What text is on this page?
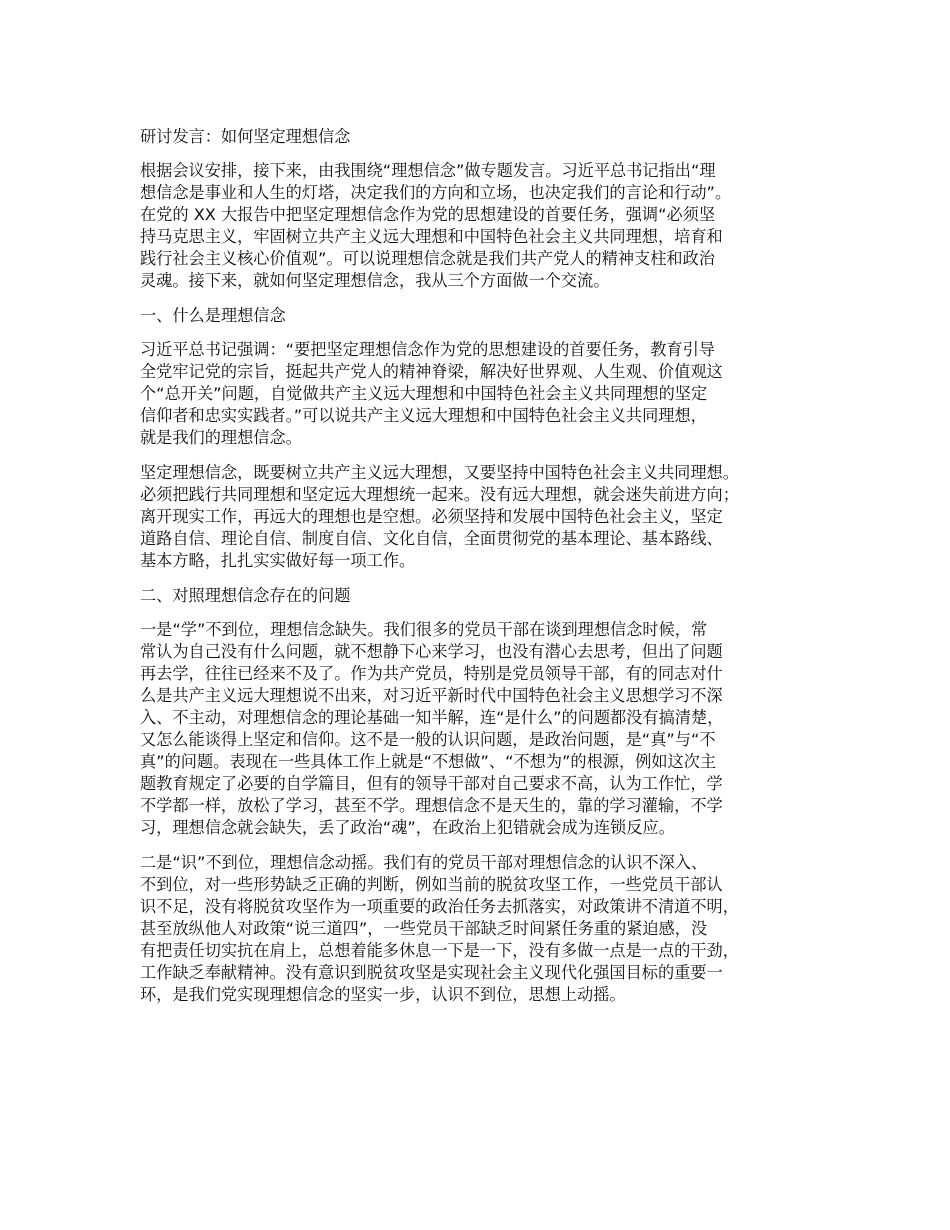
研讨发言：如何坚定理想信念
根据会议安排，接下来，由我围绕“理想信念”做专题发言。习近平总书记指出“理
想信念是事业和人生的灯塔，决定我们的方向和立场，也决定我们的言论和行动”。
在党的 XX 大报告中把坚定理想信念作为党的思想建设的首要任务，强调“必须坚
持马克思主义，牢固树立共产主义远大理想和中国特色社会主义共同理想，培育和
践行社会主义核心价值观”。可以说理想信念就是我们共产党人的精神支柱和政治
灵魂。接下来，就如何坚定理想信念，我从三个方面做一个交流。
一、什么是理想信念
习近平总书记强调：“要把坚定理想信念作为党的思想建设的首要任务，教育引导
全党牢记党的宗旨，挺起共产党人的精神脊梁，解决好世界观、人生观、价值观这
个“总开关”问题，自觉做共产主义远大理想和中国特色社会主义共同理想的坚定
信仰者和忠实实践者。”可以说共产主义远大理想和中国特色社会主义共同理想，
就是我们的理想信念。
坚定理想信念，既要树立共产主义远大理想，又要坚持中国特色社会主义共同理想。
必须把践行共同理想和坚定远大理想统一起来。没有远大理想，就会迷失前进方向；
离开现实工作，再远大的理想也是空想。必须坚持和发展中国特色社会主义，坚定
道路自信、理论自信、制度自信、文化自信，全面贯彻党的基本理论、基本路线、
基本方略，扎扎实实做好每一项工作。
二、对照理想信念存在的问题
一是“学”不到位，理想信念缺失。我们很多的党员干部在谈到理想信念时候，常
常认为自己没有什么问题，就不想静下心来学习，也没有潜心去思考，但出了问题
再去学，往往已经来不及了。作为共产党员，特别是党员领导干部，有的同志对什
么是共产主义远大理想说不出来，对习近平新时代中国特色社会主义思想学习不深
入、不主动，对理想信念的理论基础一知半解，连“是什么”的问题都没有搞清楚，
又怎么能谈得上坚定和信仰。这不是一般的认识问题，是政治问题，是“真”与“不
真”的问题。表现在一些具体工作上就是“不想做”、“不想为”的根源，例如这次主
题教育规定了必要的自学篇目，但有的领导干部对自己要求不高，认为工作忙，学
不学都一样，放松了学习，甚至不学。理想信念不是天生的，靠的学习灌输，不学
习，理想信念就会缺失，丢了政治“魂”，在政治上犯错就会成为连锁反应。
二是“识”不到位，理想信念动摇。我们有的党员干部对理想信念的认识不深入、
不到位，对一些形势缺乏正确的判断，例如当前的脱贫攻坚工作，一些党员干部认
识不足，没有将脱贫攻坚作为一项重要的政治任务去抓落实，对政策讲不清道不明，
甚至放纵他人对政策“说三道四”，一些党员干部缺乏时间紧任务重的紧迫感，没
有把责任切实抗在肩上，总想着能多休息一下是一下，没有多做一点是一点的干劲，
工作缺乏奉献精神。没有意识到脱贫攻坚是实现社会主义现代化强国目标的重要一
环，是我们党实现理想信念的坚实一步，认识不到位，思想上动摇。
